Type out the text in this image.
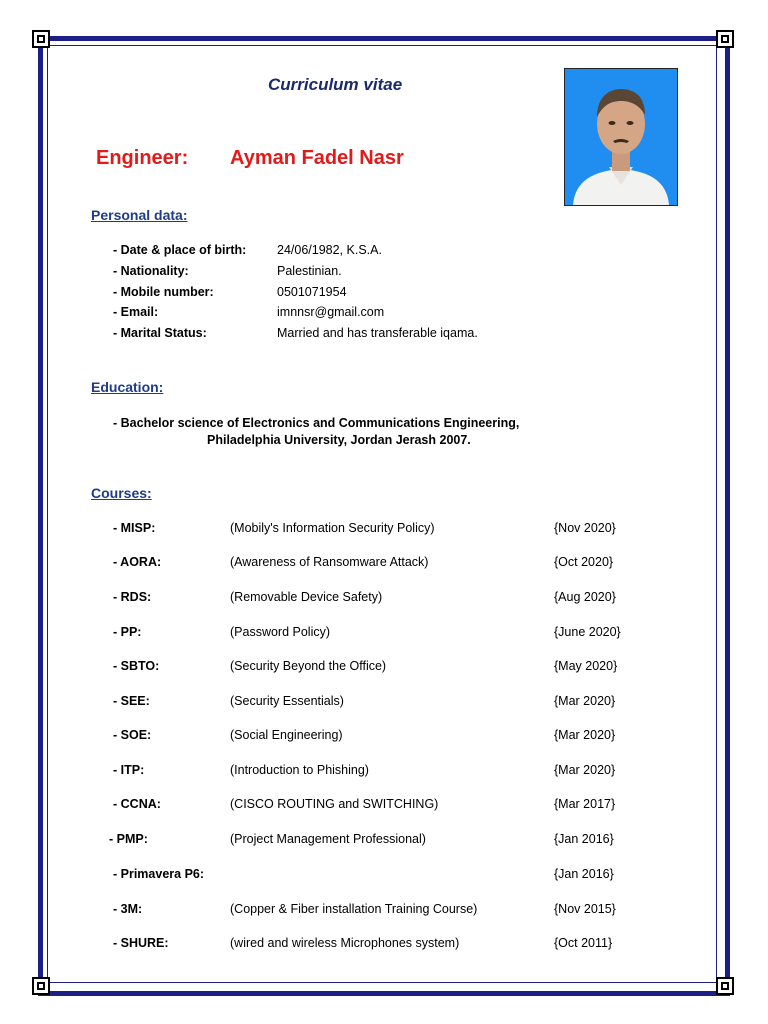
Curriculum vitae
Engineer: Ayman Fadel Nasr
Personal data:
- Date & place of birth: 24/06/1982, K.S.A.
- Nationality:	Palestinian.
- Mobile number:	0501071954
- Email:	imnnsr@gmail.com
- Marital Status:	Married and has transferable iqama.
Education:
- Bachelor science of Electronics and Communications Engineering,
Philadelphia University, Jordan Jerash 2007.
Courses:
- MISP:	(Mobily's Information Security Policy)	{Nov 2020}
- AORA:	(Awareness of Ransomware Attack)	{Oct 2020}
- RDS:	(Removable Device Safety)	{Aug 2020}
- PP:	(Password Policy)	{June 2020}
- SBTO:	(Security Beyond the Office)	{May 2020}
- SEE:	(Security Essentials)	{Mar 2020}
- SOE:	(Social Engineering)	{Mar 2020}
- ITP:	(Introduction to Phishing)	{Mar 2020}
- CCNA:	(CISCO ROUTING and SWITCHING)	{Mar 2017}
- PMP:	(Project Management Professional)	{Jan 2016}
- Primavera P6:	{Jan 2016}
- 3M:	(Copper & Fiber installation Training Course)	{Nov 2015}
- SHURE:	(wired and wireless Microphones system)	{Oct 2011}
